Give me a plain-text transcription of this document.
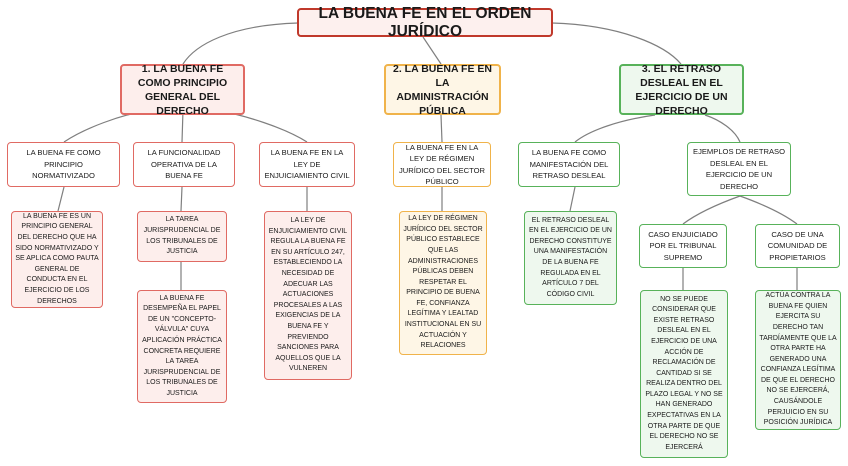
LA BUENA FE EN EL ORDEN JURÍDICO
1. LA BUENA FE COMO PRINCIPIO GENERAL DEL DERECHO
2. LA BUENA FE EN LA ADMINISTRACIÓN PÚBLICA
3. EL RETRASO DESLEAL EN EL EJERCICIO DE UN DERECHO
LA BUENA FE COMO PRINCIPIO NORMATIVIZADO
LA FUNCIONALIDAD OPERATIVA DE LA BUENA FE
LA BUENA FE EN LA LEY DE ENJUICIAMIENTO CIVIL
LA BUENA FE EN LA LEY DE RÉGIMEN JURÍDICO DEL SECTOR PÚBLICO
LA BUENA FE COMO MANIFESTACIÓN DEL RETRASO DESLEAL
EJEMPLOS DE RETRASO DESLEAL EN EL EJERCICIO DE UN DERECHO
CASO ENJUICIADO POR EL TRIBUNAL SUPREMO
CASO DE UNA COMUNIDAD DE PROPIETARIOS
LA BUENA FE ES UN PRINCIPIO GENERAL DEL DERECHO QUE HA SIDO NORMATIVIZADO Y SE APLICA COMO PAUTA GENERAL DE CONDUCTA EN EL EJERCICIO DE LOS DERECHOS
LA TAREA JURISPRUDENCIAL DE LOS TRIBUNALES DE JUSTICIA
LA BUENA FE DESEMPEÑA EL PAPEL DE UN "CONCEPTO-VÁLVULA" CUYA APLICACIÓN PRÁCTICA CONCRETA REQUIERE LA TAREA JURISPRUDENCIAL DE LOS TRIBUNALES DE JUSTICIA
LA LEY DE ENJUICIAMIENTO CIVIL REGULA LA BUENA FE EN SU ARTÍCULO 247, ESTABLECIENDO LA NECESIDAD DE ADECUAR LAS ACTUACIONES PROCESALES A LAS EXIGENCIAS DE LA BUENA FE Y PREVIENDO SANCIONES PARA AQUELLOS QUE LA VULNEREN
LA LEY DE RÉGIMEN JURÍDICO DEL SECTOR PÚBLICO ESTABLECE QUE LAS ADMINISTRACIONES PÚBLICAS DEBEN RESPETAR EL PRINCIPIO DE BUENA FE, CONFIANZA LEGÍTIMA Y LEALTAD INSTITUCIONAL EN SU ACTUACIÓN Y RELACIONES
EL RETRASO DESLEAL EN EL EJERCICIO DE UN DERECHO CONSTITUYE UNA MANIFESTACIÓN DE LA BUENA FE REGULADA EN EL ARTÍCULO 7 DEL CÓDIGO CIVIL
NO SE PUEDE CONSIDERAR QUE EXISTE RETRASO DESLEAL EN EL EJERCICIO DE UNA ACCIÓN DE RECLAMACIÓN DE CANTIDAD SI SE REALIZA DENTRO DEL PLAZO LEGAL Y NO SE HAN GENERADO EXPECTATIVAS EN LA OTRA PARTE DE QUE EL DERECHO NO SE EJERCERÁ
ACTÚA CONTRA LA BUENA FE QUIEN EJERCITA SU DERECHO TAN TARDÍAMENTE QUE LA OTRA PARTE HA GENERADO UNA CONFIANZA LEGÍTIMA DE QUE EL DERECHO NO SE EJERCERÁ, CAUSÁNDOLE PERJUICIO EN SU POSICIÓN JURÍDICA
